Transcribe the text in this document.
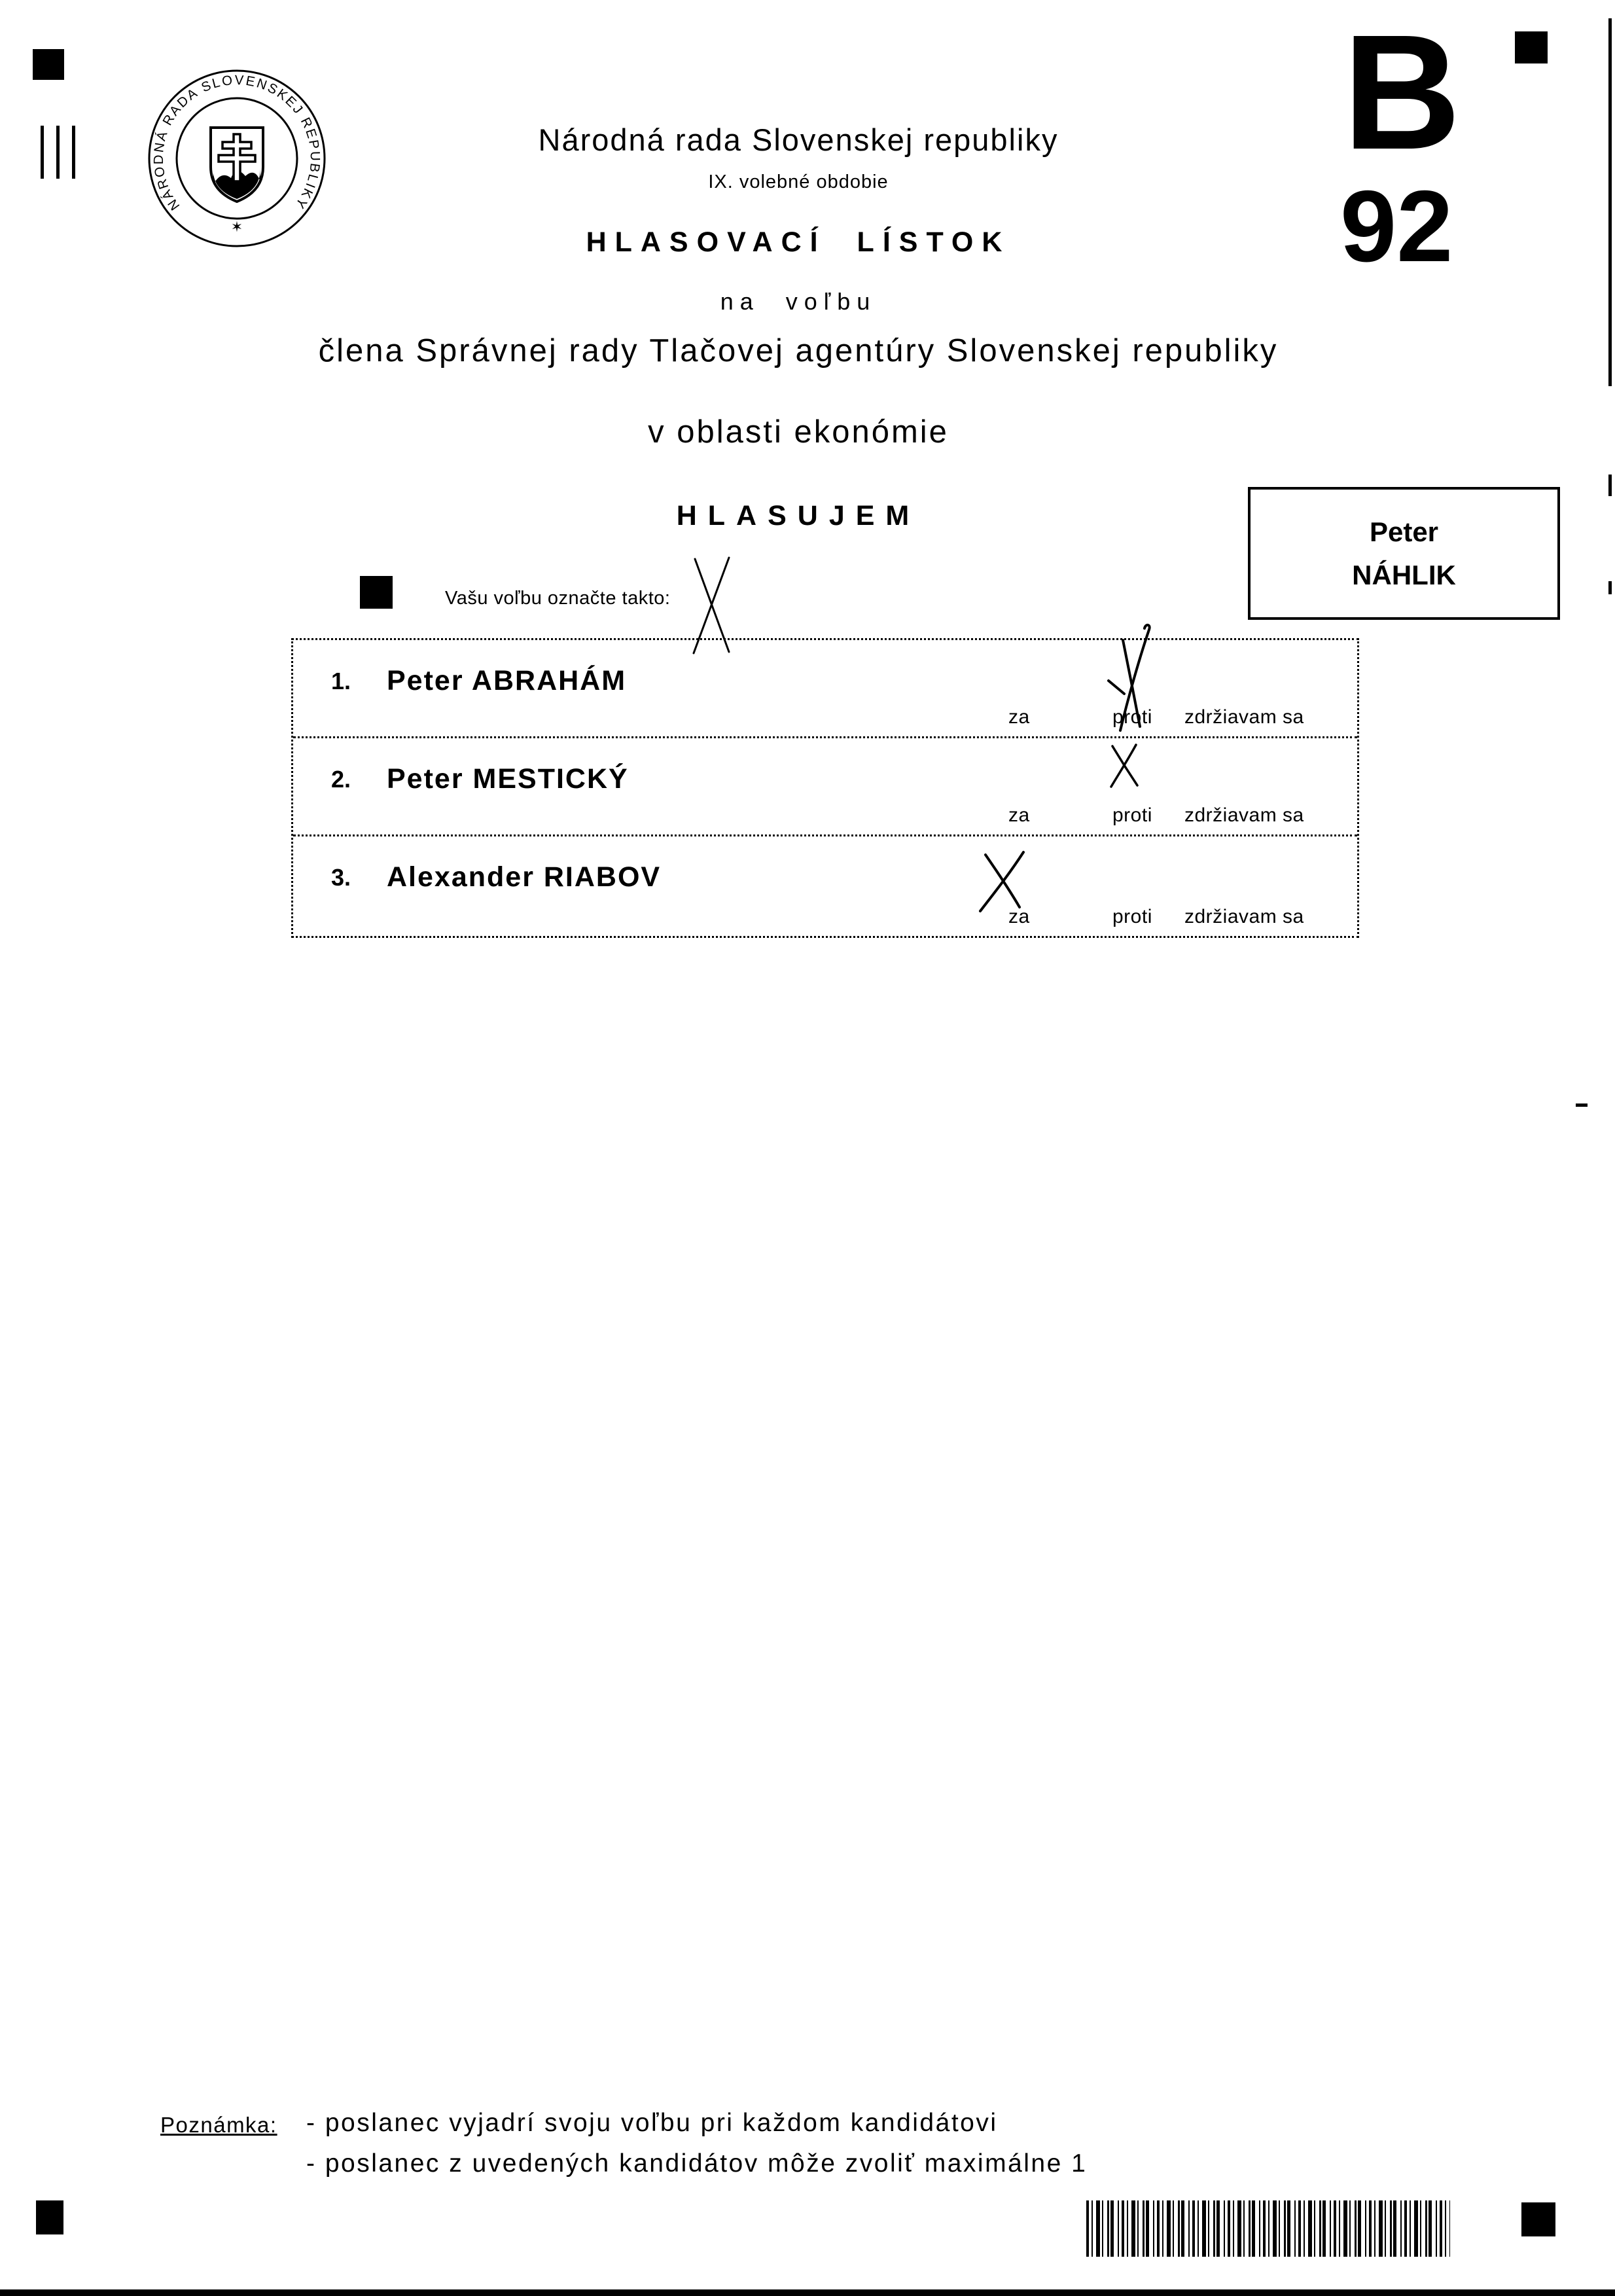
NÁRODNÁ RADA SLOVENSKEJ REPUBLIKY
✶
Národná rada Slovenskej republiky
IX. volebné obdobie
HLASOVACÍ LÍSTOK
na voľbu
člena Správnej rady Tlačovej agentúry Slovenskej republiky
v oblasti ekonómie
HLASUJEM
B
92
Peter
NÁHLIK
Vašu voľbu označte takto:
1. Peter ABRAHÁM
za	proti zdržiavam sa
2. Peter MESTICKÝ
za	proti zdržiavam sa
3. Alexander RIABOV
za	proti zdržiavam sa
Poznámka: - poslanec vyjadrí svoju voľbu pri každom kandidátovi
- poslanec z uvedených kandidátov môže zvoliť maximálne 1
